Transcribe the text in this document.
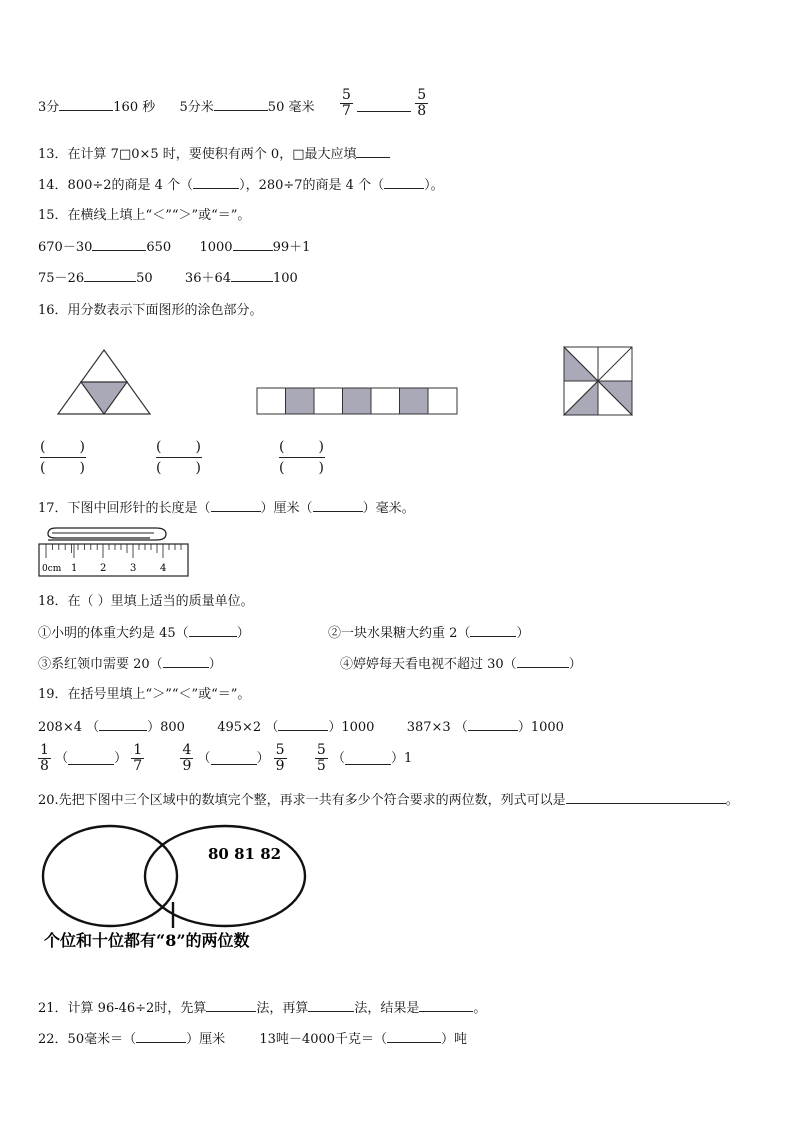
3分	160 秒 5分米	50 毫米 $\frac{5}{7}$
	$\frac{5}{8}$
13．在计算 7□0×5 时，要使积有两个 0，□最大应填
14．800÷2的商是 4 个（	），280÷7的商是 4 个（	）。
15．在横线上填上“＜”“＞”或“＝”。
670－30	650 1000	99＋1
75－26	50 36＋64	100
16．用分数表示下面图形的涂色部分。
( )
( )
( )
( )
( )
( )
17．下图中回形针的长度是（	）厘米（	）毫米。
0cm 1 2 3 4
18．在（ ）里填上适当的质量单位。
①小明的体重大约是 45（	）	②一块水果糖大约重 2（	）
③系红领巾需要 20（	）	④婷婷每天看电视不超过 30（	）
19．在括号里填上“＞”“＜”或“＝”。
208×4 （	）800 495×2 （	）1000 387×3 （	）1000
$\frac{1}{8}$ （	） $\frac{1}{7}$
	$\frac{4}{9}$ （	） $\frac{5}{9}$
$\frac{5}{5}$ （	）1
20.先把下图中三个区域中的数填完个整，再求一共有多少个符合要求的两位数，列式可以是	。
80 81 82
个位和十位都有“8”的两位数
21．计算 96-46÷2时，先算	法，再算	法，结果是	。
22．50毫米＝（	）厘米	13吨－4000千克＝（	）吨
